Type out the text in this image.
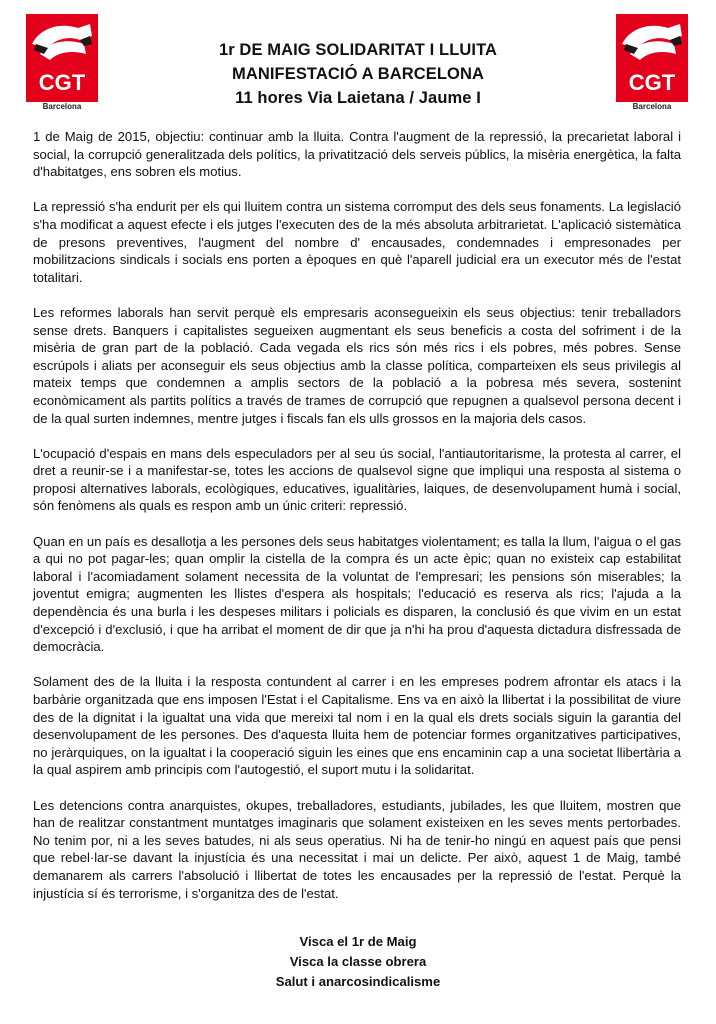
CGT
Barcelona
CGT
Barcelona
1r DE MAIG SOLIDARITAT I LLUITA
MANIFESTACIÓ A BARCELONA
11 hores Via Laietana / Jaume I

1 de Maig de 2015, objectiu: continuar amb la lluita. Contra l'augment de la repressió, la precarietat laboral i social, la corrupció generalitzada dels polítics, la privatització dels serveis públics, la misèria energètica, la falta d'habitatges, ens sobren els motius.

La repressió s'ha endurit per els qui lluitem contra un sistema corromput des dels seus fonaments. La legislació s'ha modificat a aquest efecte i els jutges l'executen des de la més absoluta arbitrarietat. L'aplicació sistemàtica de presons preventives, l'augment del nombre d' encausades, condemnades i empresonades per mobilitzacions sindicals i socials ens porten a èpoques en què l'aparell judicial era un executor més de l'estat totalitari.

Les reformes laborals han servit perquè els empresaris aconsegueixin els seus objectius: tenir treballadors sense drets. Banquers i capitalistes segueixen augmentant els seus beneficis a costa del sofriment i de la misèria de gran part de la població. Cada vegada els rics són més rics i els pobres, més pobres. Sense escrúpols i aliats per aconseguir els seus objectius amb la classe política, comparteixen els seus privilegis al mateix temps que condemnen a amplis sectors de la població a la pobresa més severa, sostenint econòmicament als partits polítics a través de trames de corrupció que repugnen a qualsevol persona decent i de la qual surten indemnes, mentre jutges i fiscals fan els ulls grossos en la majoria dels casos.

L'ocupació d'espais en mans dels especuladors per al seu ús social, l'antiautoritarisme, la protesta al carrer, el dret a reunir-se i a manifestar-se, totes les accions de qualsevol signe que impliqui una resposta al sistema o proposi alternatives laborals, ecològiques, educatives, igualitàries, laiques, de desenvolupament humà i social, són fenòmens als quals es respon amb un únic criteri: repressió.

Quan en un país es desallotja a les persones dels seus habitatges violentament; es talla la llum, l'aigua o el gas a qui no pot pagar-les; quan omplir la cistella de la compra és un acte èpic; quan no existeix cap estabilitat laboral i l'acomiadament solament necessita de la voluntat de l'empresari; les pensions són miserables; la joventut emigra; augmenten les llistes d'espera als hospitals; l'educació es reserva als rics; l'ajuda a la dependència és una burla i les despeses militars i policials es disparen, la conclusió és que vivim en un estat d'excepció i d'exclusió, i que ha arribat el moment de dir que ja n'hi ha prou d'aquesta dictadura disfressada de democràcia.

Solament des de la lluita i la resposta contundent al carrer i en les empreses podrem afrontar els atacs i la barbàrie organitzada que ens imposen l'Estat i el Capitalisme. Ens va en això la llibertat i la possibilitat de viure des de la dignitat i la igualtat una vida que mereixi tal nom i en la qual els drets socials siguin la garantia del desenvolupament de les persones. Des d'aquesta lluita hem de potenciar formes organitzatives participatives, no jeràrquiques, on la igualtat i la cooperació siguin les eines que ens encaminin cap a una societat llibertària a la qual aspirem amb principis com l'autogestió, el suport mutu i la solidaritat.

Les detencions contra anarquistes, okupes, treballadores, estudiants, jubilades, les que lluitem, mostren que han de realitzar constantment muntatges imaginaris que solament existeixen en les seves ments pertorbades. No tenim por, ni a les seves batudes, ni als seus operatius. Ni ha de tenir-ho ningú en aquest país que pensi que rebel·lar-se davant la injustícia és una necessitat i mai un delicte. Per això, aquest 1 de Maig, també demanarem als carrers l'absolució i llibertat de totes les encausades per la repressió de l'estat. Perquè la injustícia sí és terrorisme, i s'organitza des de l'estat.

Visca el 1r de Maig
Visca la classe obrera
Salut i anarcosindicalisme
